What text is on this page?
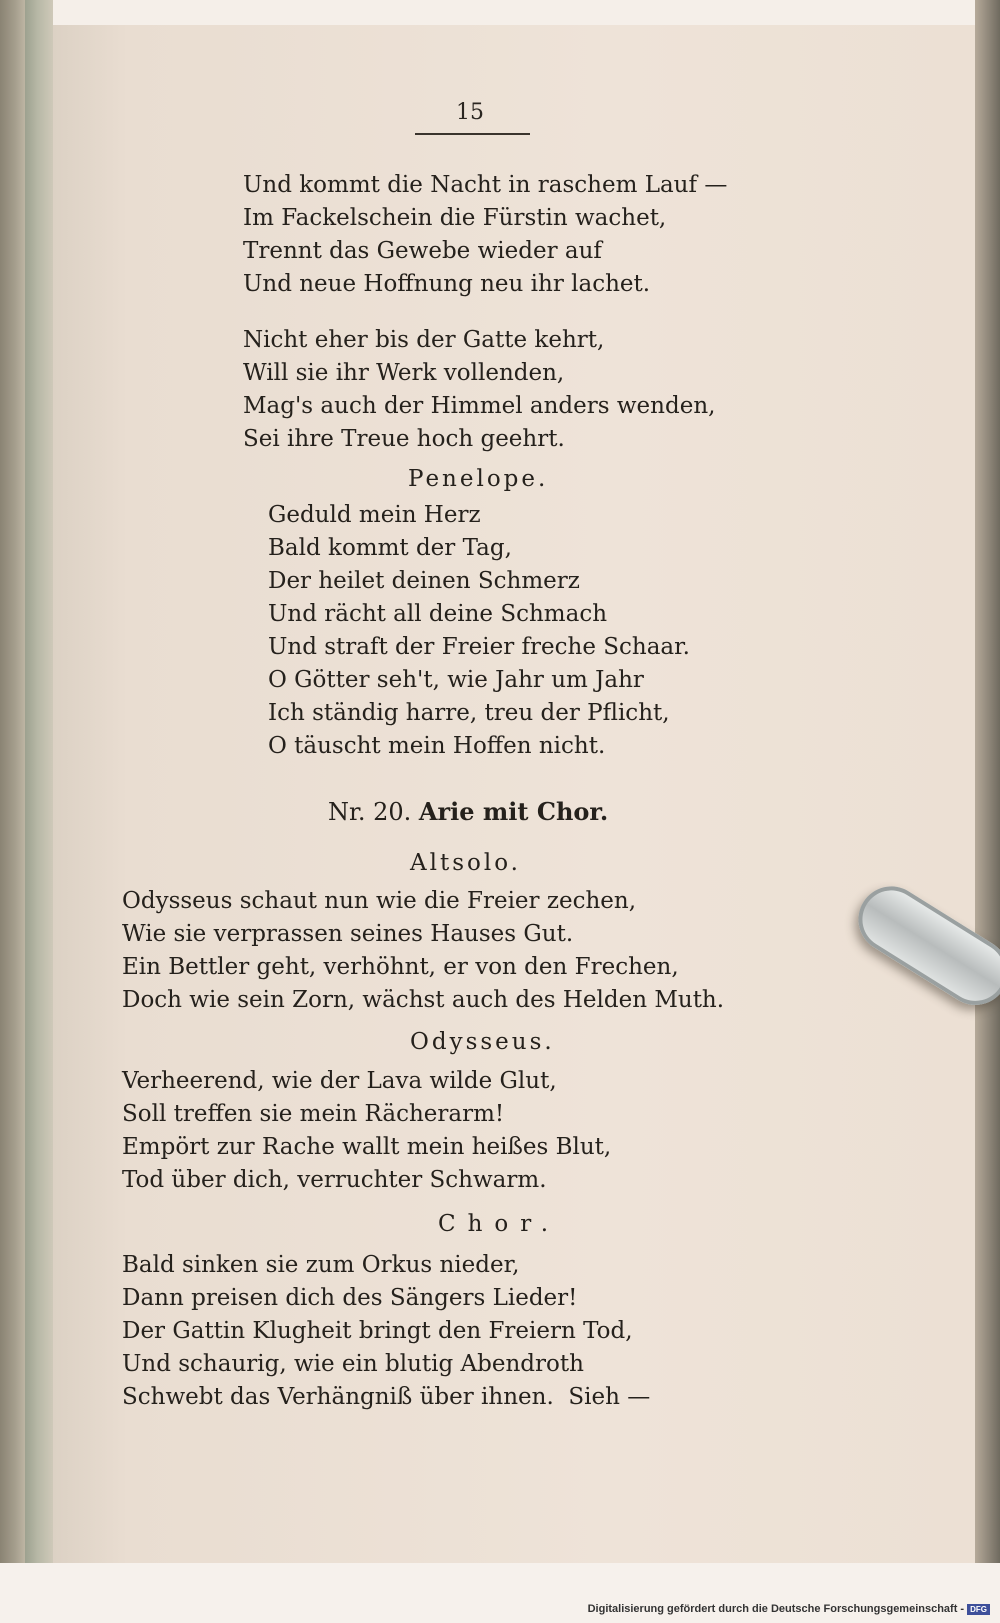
15
Und kommt die Nacht in raschem Lauf —
Im Fackelschein die Fürstin wachet,
Trennt das Gewebe wieder auf
Und neue Hoffnung neu ihr lachet.
Nicht eher bis der Gatte kehrt,
Will sie ihr Werk vollenden,
Mag's auch der Himmel anders wenden,
Sei ihre Treue hoch geehrt.
Penelope.
Geduld mein Herz
Bald kommt der Tag,
Der heilet deinen Schmerz
Und rächt all deine Schmach
Und straft der Freier freche Schaar.
O Götter seh't, wie Jahr um Jahr
Ich ständig harre, treu der Pflicht,
O täuscht mein Hoffen nicht.
Nr. 20. Arie mit Chor.
Altsolo.
Odysseus schaut nun wie die Freier zechen,
Wie sie verprassen seines Hauses Gut.
Ein Bettler geht, verhöhnt, er von den Frechen,
Doch wie sein Zorn, wächst auch des Helden Muth.
Odysseus.
Verheerend, wie der Lava wilde Glut,
Soll treffen sie mein Rächerarm!
Empört zur Rache wallt mein heißes Blut,
Tod über dich, verruchter Schwarm.
Chor.
Bald sinken sie zum Orkus nieder,
Dann preisen dich des Sängers Lieder!
Der Gattin Klugheit bringt den Freiern Tod,
Und schaurig, wie ein blutig Abendroth
Schwebt das Verhängniß über ihnen.  Sieh —
Digitalisierung gefördert durch die Deutsche Forschungsgemeinschaft - DFG
